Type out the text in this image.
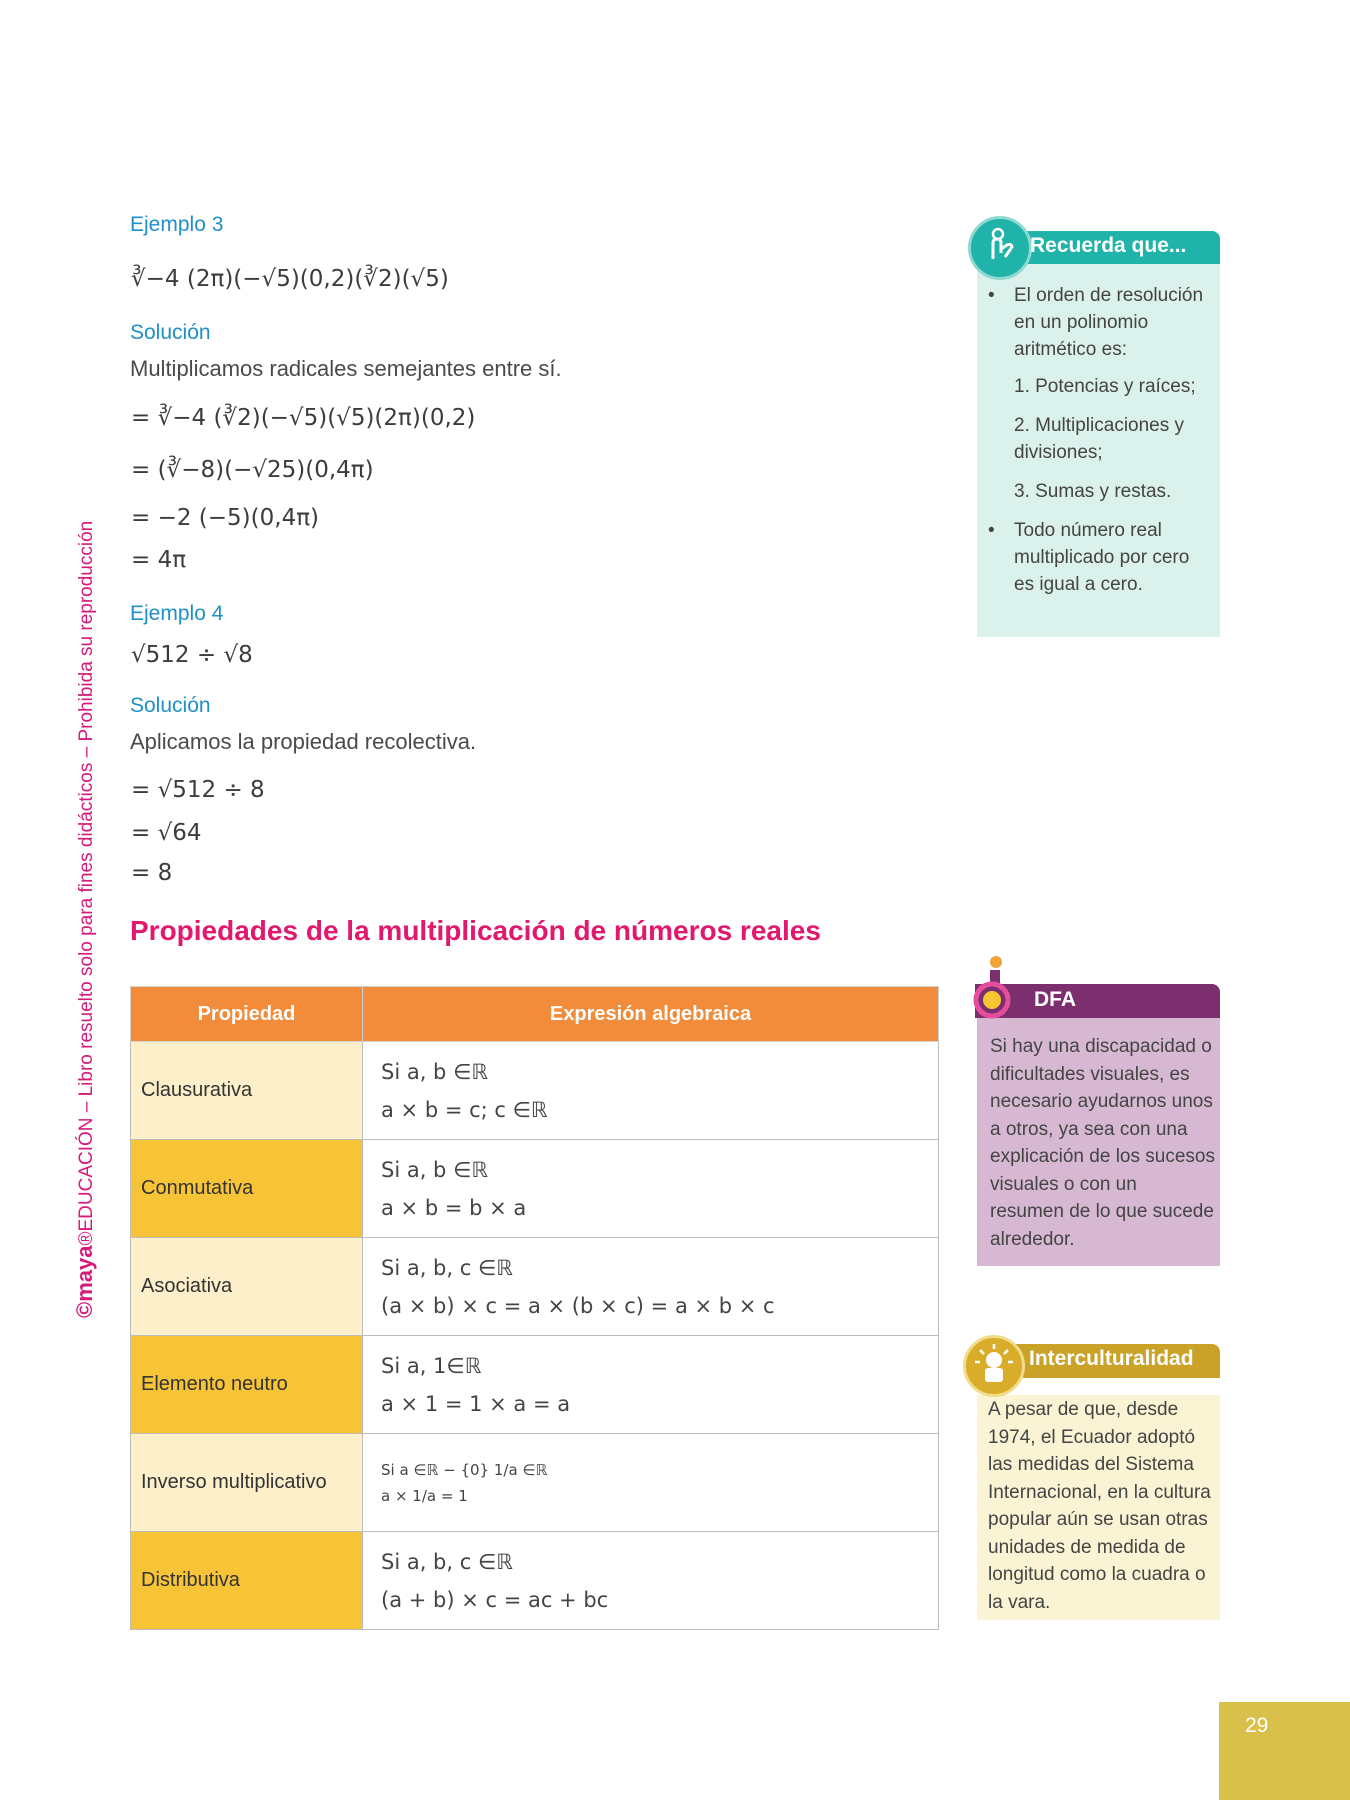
©maya®EDUCACIÓN – Libro resuelto solo para fines didácticos – Prohibida su reproducción
Ejemplo 3
∛−4 (2π)(−√5)(0,2)(∛2)(√5)
Solución
Multiplicamos radicales semejantes entre sí.
= ∛−4 (∛2)(−√5)(√5)(2π)(0,2)
= (∛−8)(−√25)(0,4π)
= −2 (−5)(0,4π)
= 4π
Ejemplo 4
√512 ÷ √8
Solución
Aplicamos la propiedad recolectiva.
= √512 ÷ 8
= √64
= 8
Propiedades de la multiplicación de números reales
Propiedad	Expresión algebraica
Clausurativa	Si a, b ∈ℝ
a × b = c; c ∈ℝ

Conmutativa	Si a, b ∈ℝ
a × b = b × a

Asociativa	Si a, b, c ∈ℝ
(a × b) × c = a × (b × c) = a × b × c

Elemento neutro	Si a, 1∈ℝ
a × 1 = 1 × a = a

Inverso multiplicativo	Si a ∈ℝ − {0} 1/a ∈ℝ
a × 1/a = 1

Distributiva	Si a, b, c ∈ℝ
(a + b) × c = ac + bc
Recuerda que...
•	El orden de resolución en un polinomio aritmético es:
1. Potencias y raíces;
2. Multiplicaciones y divisiones;
3. Sumas y restas.
•	Todo número real multiplicado por cero es igual a cero.
DFA
Si hay una discapacidad o dificultades visuales, es necesario ayudarnos unos a otros, ya sea con una explicación de los sucesos visuales o con un resumen de lo que sucede alrededor.
Interculturalidad
A pesar de que, desde 1974, el Ecuador adoptó las medidas del Sistema Internacional, en la cultura popular aún se usan otras unidades de medida de longitud como la cuadra o la vara.
29
